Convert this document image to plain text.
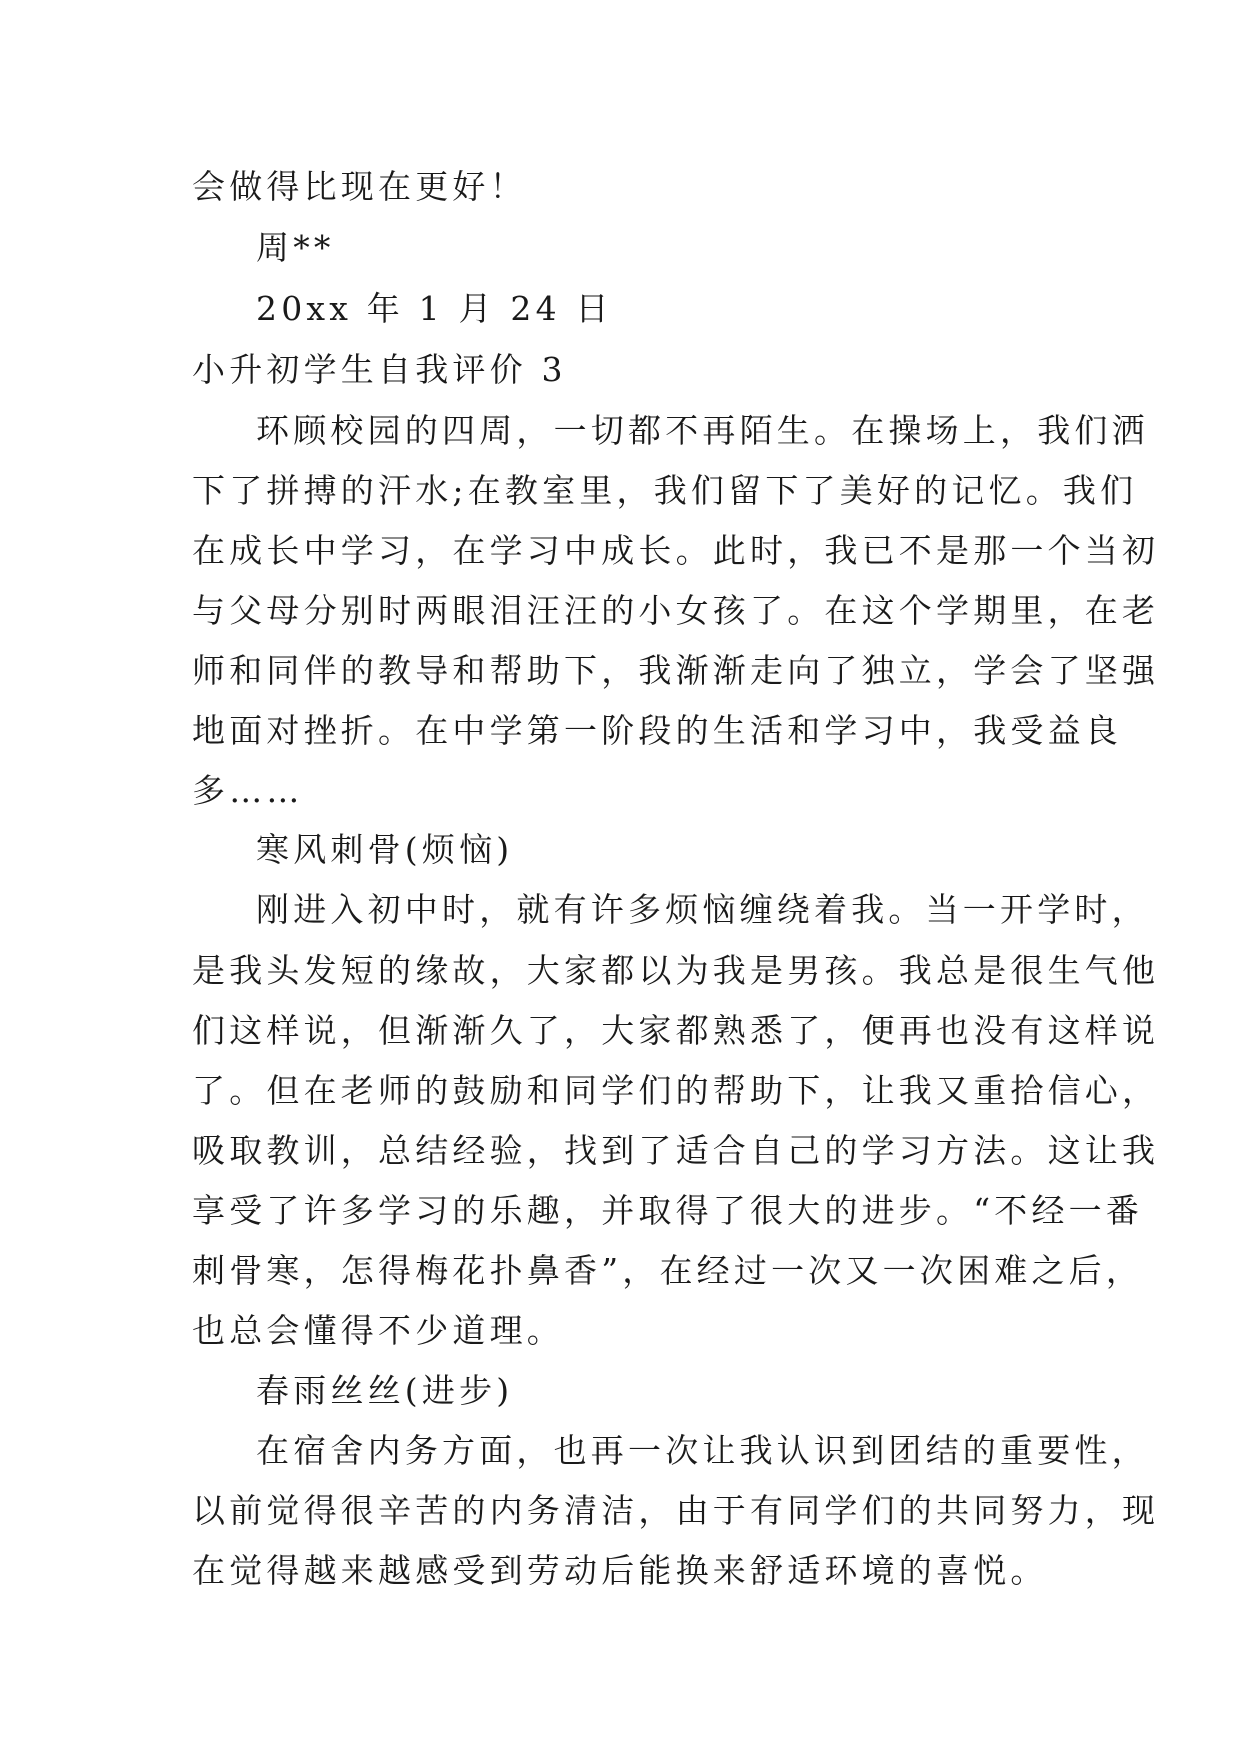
会做得比现在更好！
周**
20xx 年 1 月 24 日
小升初学生自我评价 3
环顾校园的四周，一切都不再陌生。在操场上，我们洒
下了拼搏的汗水;在教室里，我们留下了美好的记忆。我们
在成长中学习，在学习中成长。此时，我已不是那一个当初
与父母分别时两眼泪汪汪的小女孩了。在这个学期里，在老
师和同伴的教导和帮助下，我渐渐走向了独立，学会了坚强
地面对挫折。在中学第一阶段的生活和学习中，我受益良
多……
寒风刺骨(烦恼)
刚进入初中时，就有许多烦恼缠绕着我。当一开学时，
是我头发短的缘故，大家都以为我是男孩。我总是很生气他
们这样说，但渐渐久了，大家都熟悉了，便再也没有这样说
了。但在老师的鼓励和同学们的帮助下，让我又重拾信心，
吸取教训，总结经验，找到了适合自己的学习方法。这让我
享受了许多学习的乐趣，并取得了很大的进步。“不经一番
刺骨寒，怎得梅花扑鼻香”，在经过一次又一次困难之后，
也总会懂得不少道理。
春雨丝丝(进步)
在宿舍内务方面，也再一次让我认识到团结的重要性，
以前觉得很辛苦的内务清洁，由于有同学们的共同努力，现
在觉得越来越感受到劳动后能换来舒适环境的喜悦。
